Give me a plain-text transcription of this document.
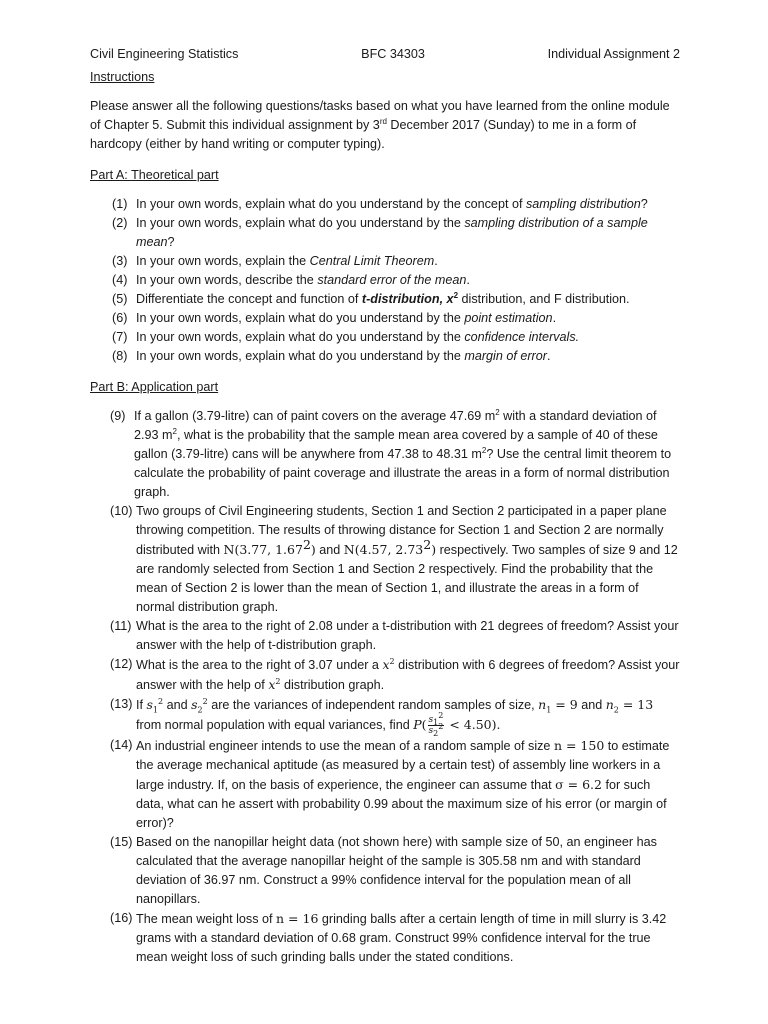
Civil Engineering Statistics	BFC 34303	Individual Assignment 2
Instructions

Please answer all the following questions/tasks based on what you have learned from the online module of Chapter 5. Submit this individual assignment by 3rd December 2017 (Sunday) to me in a form of hardcopy (either by hand writing or computer typing).

Part A: Theoretical part
(1) In your own words, explain what do you understand by the concept of sampling distribution?
(2) In your own words, explain what do you understand by the sampling distribution of a sample mean?
(3) In your own words, explain the Central Limit Theorem.
(4) In your own words, describe the standard error of the mean.
(5) Differentiate the concept and function of t-distribution, $x^2$ distribution, and F distribution.
(6) In your own words, explain what do you understand by the point estimation.
(7) In your own words, explain what do you understand by the confidence intervals.
(8) In your own words, explain what do you understand by the margin of error.
Part B: Application part
(9) If a gallon (3.79-litre) can of paint covers on the average 47.69 $m^2$ with a standard deviation of 2.93 $m^2$, what is the probability that the sample mean area covered by a sample of 40 of these gallon (3.79-litre) cans will be anywhere from 47.38 to 48.31 $m^2$? Use the central limit theorem to calculate the probability of paint coverage and illustrate the areas in a form of normal distribution graph.
(10) Two groups of Civil Engineering students, Section 1 and Section 2 participated in a paper plane throwing competition. The results of throwing distance for Section 1 and Section 2 are normally distributed with N(3.77, 1.67$^2$) and N(4.57, 2.73$^2$) respectively. Two samples of size 9 and 12 are randomly selected from Section 1 and Section 2 respectively. Find the probability that the mean of Section 2 is lower than the mean of Section 1, and illustrate the areas in a form of normal distribution graph.
(11) What is the area to the right of 2.08 under a t-distribution with 21 degrees of freedom? Assist your answer with the help of t-distribution graph.
(12) What is the area to the right of 3.07 under a $x^2$ distribution with 6 degrees of freedom? Assist your answer with the help of $x^2$ distribution graph.
(13) If $s_1^2$ and $s_2^2$ are the variances of independent random samples of size, $n_1 = 9$ and $n_2 = 13$
from normal population with equal variances, find $P( \frac{s_1^2}{s_2^2} < 4.50)$.
(14) An industrial engineer intends to use the mean of a random sample of size n = 150 to estimate the average mechanical aptitude (as measured by a certain test) of assembly line workers in a large industry. If, on the basis of experience, the engineer can assume that σ = 6.2 for such data, what can he assert with probability 0.99 about the maximum size of his error (or margin of error)?
(15) Based on the nanopillar height data (not shown here) with sample size of 50, an engineer has calculated that the average nanopillar height of the sample is 305.58 nm and with standard deviation of 36.97 nm. Construct a 99% confidence interval for the population mean of all nanopillars.
(16) The mean weight loss of n = 16 grinding balls after a certain length of time in mill slurry is 3.42 grams with a standard deviation of 0.68 gram. Construct 99% confidence interval for the true mean weight loss of such grinding balls under the stated conditions.
